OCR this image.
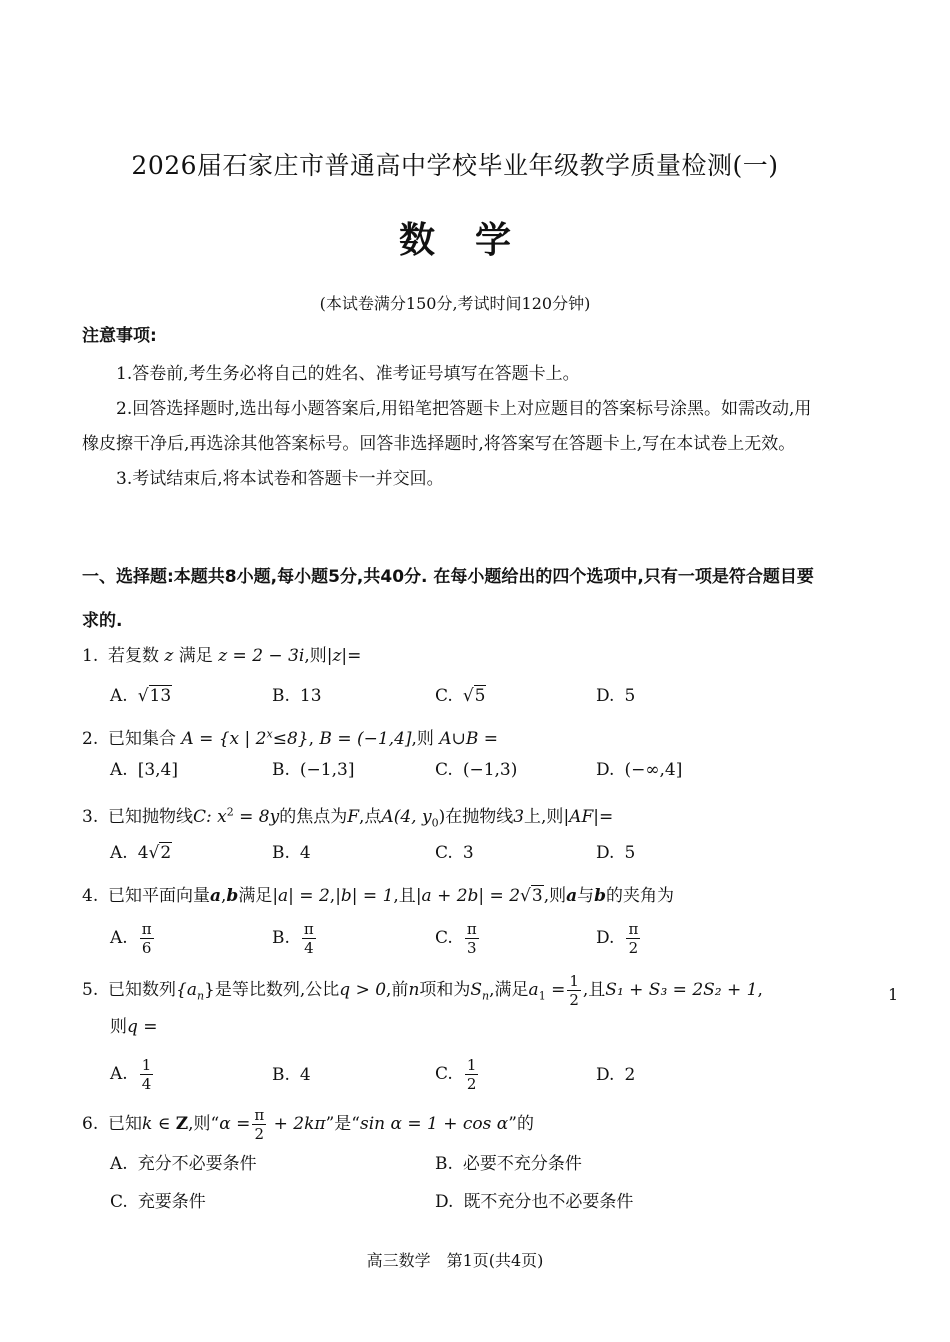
2026届石家庄市普通高中学校毕业年级教学质量检测(一)
数学
(本试卷满分150分,考试时间120分钟)
注意事项:

1.答卷前,考生务必将自己的姓名、准考证号填写在答题卡上。

2.回答选择题时,选出每小题答案后,用铅笔把答题卡上对应题目的答案标号涂黑。如需改动,用橡皮擦干净后,再选涂其他答案标号。回答非选择题时,将答案写在答题卡上,写在本试卷上无效。

3.考试结束后,将本试卷和答题卡一并交回。

一、选择题:本题共8小题,每小题5分,共40分. 在每小题给出的四个选项中,只有一项是符合题目要求的.
1. 若复数 z 满足 z = 2 − 3i,则|z|=
A. √13	B. 13	C. √5	D. 5
2. 已知集合 A = {x | $2^x\le 8$}, B = (−1,4],则 A∪B =
A. [3,4]	B. (−1,3]	C. (−1,3)	D. (−∞,4]
3. 已知抛物线C: $x^2 = 8y$的焦点为F,点A(4, $y_0$)在抛物线3上,则|AF|=
A. 4√2	B. 4	C. 3	D. 5
4. 已知平面向量a,b满足|a| = 2,|b| = 1,且|a + 2b| = 2√3,则a与b的夹角为
A. $\frac{\pi}{6}$	B. $\frac{\pi}{4}$	C. $\frac{\pi}{3}$	D. $\frac{\pi}{2}$
5. 已知数列$\{a_n\}$是等比数列,公比q > 0,前n项和为$S_n$,满足$a_1 = \frac{1}{2}$ ,且S₁ + S₃ = 2S₂ + 1,
则q =
A. $\frac{1}{4}$	B. 4	C. $\frac{1}{2}$	D. 2
6. 已知k ∈ Z,则“$\alpha = \frac{\pi}{2} + 2k\pi$”是“sin α = 1 + cos α”的
A. 充分不必要条件	B. 必要不充分条件
C. 充要条件	D. 既不充分也不必要条件
1
高三数学　第1页(共4页)
